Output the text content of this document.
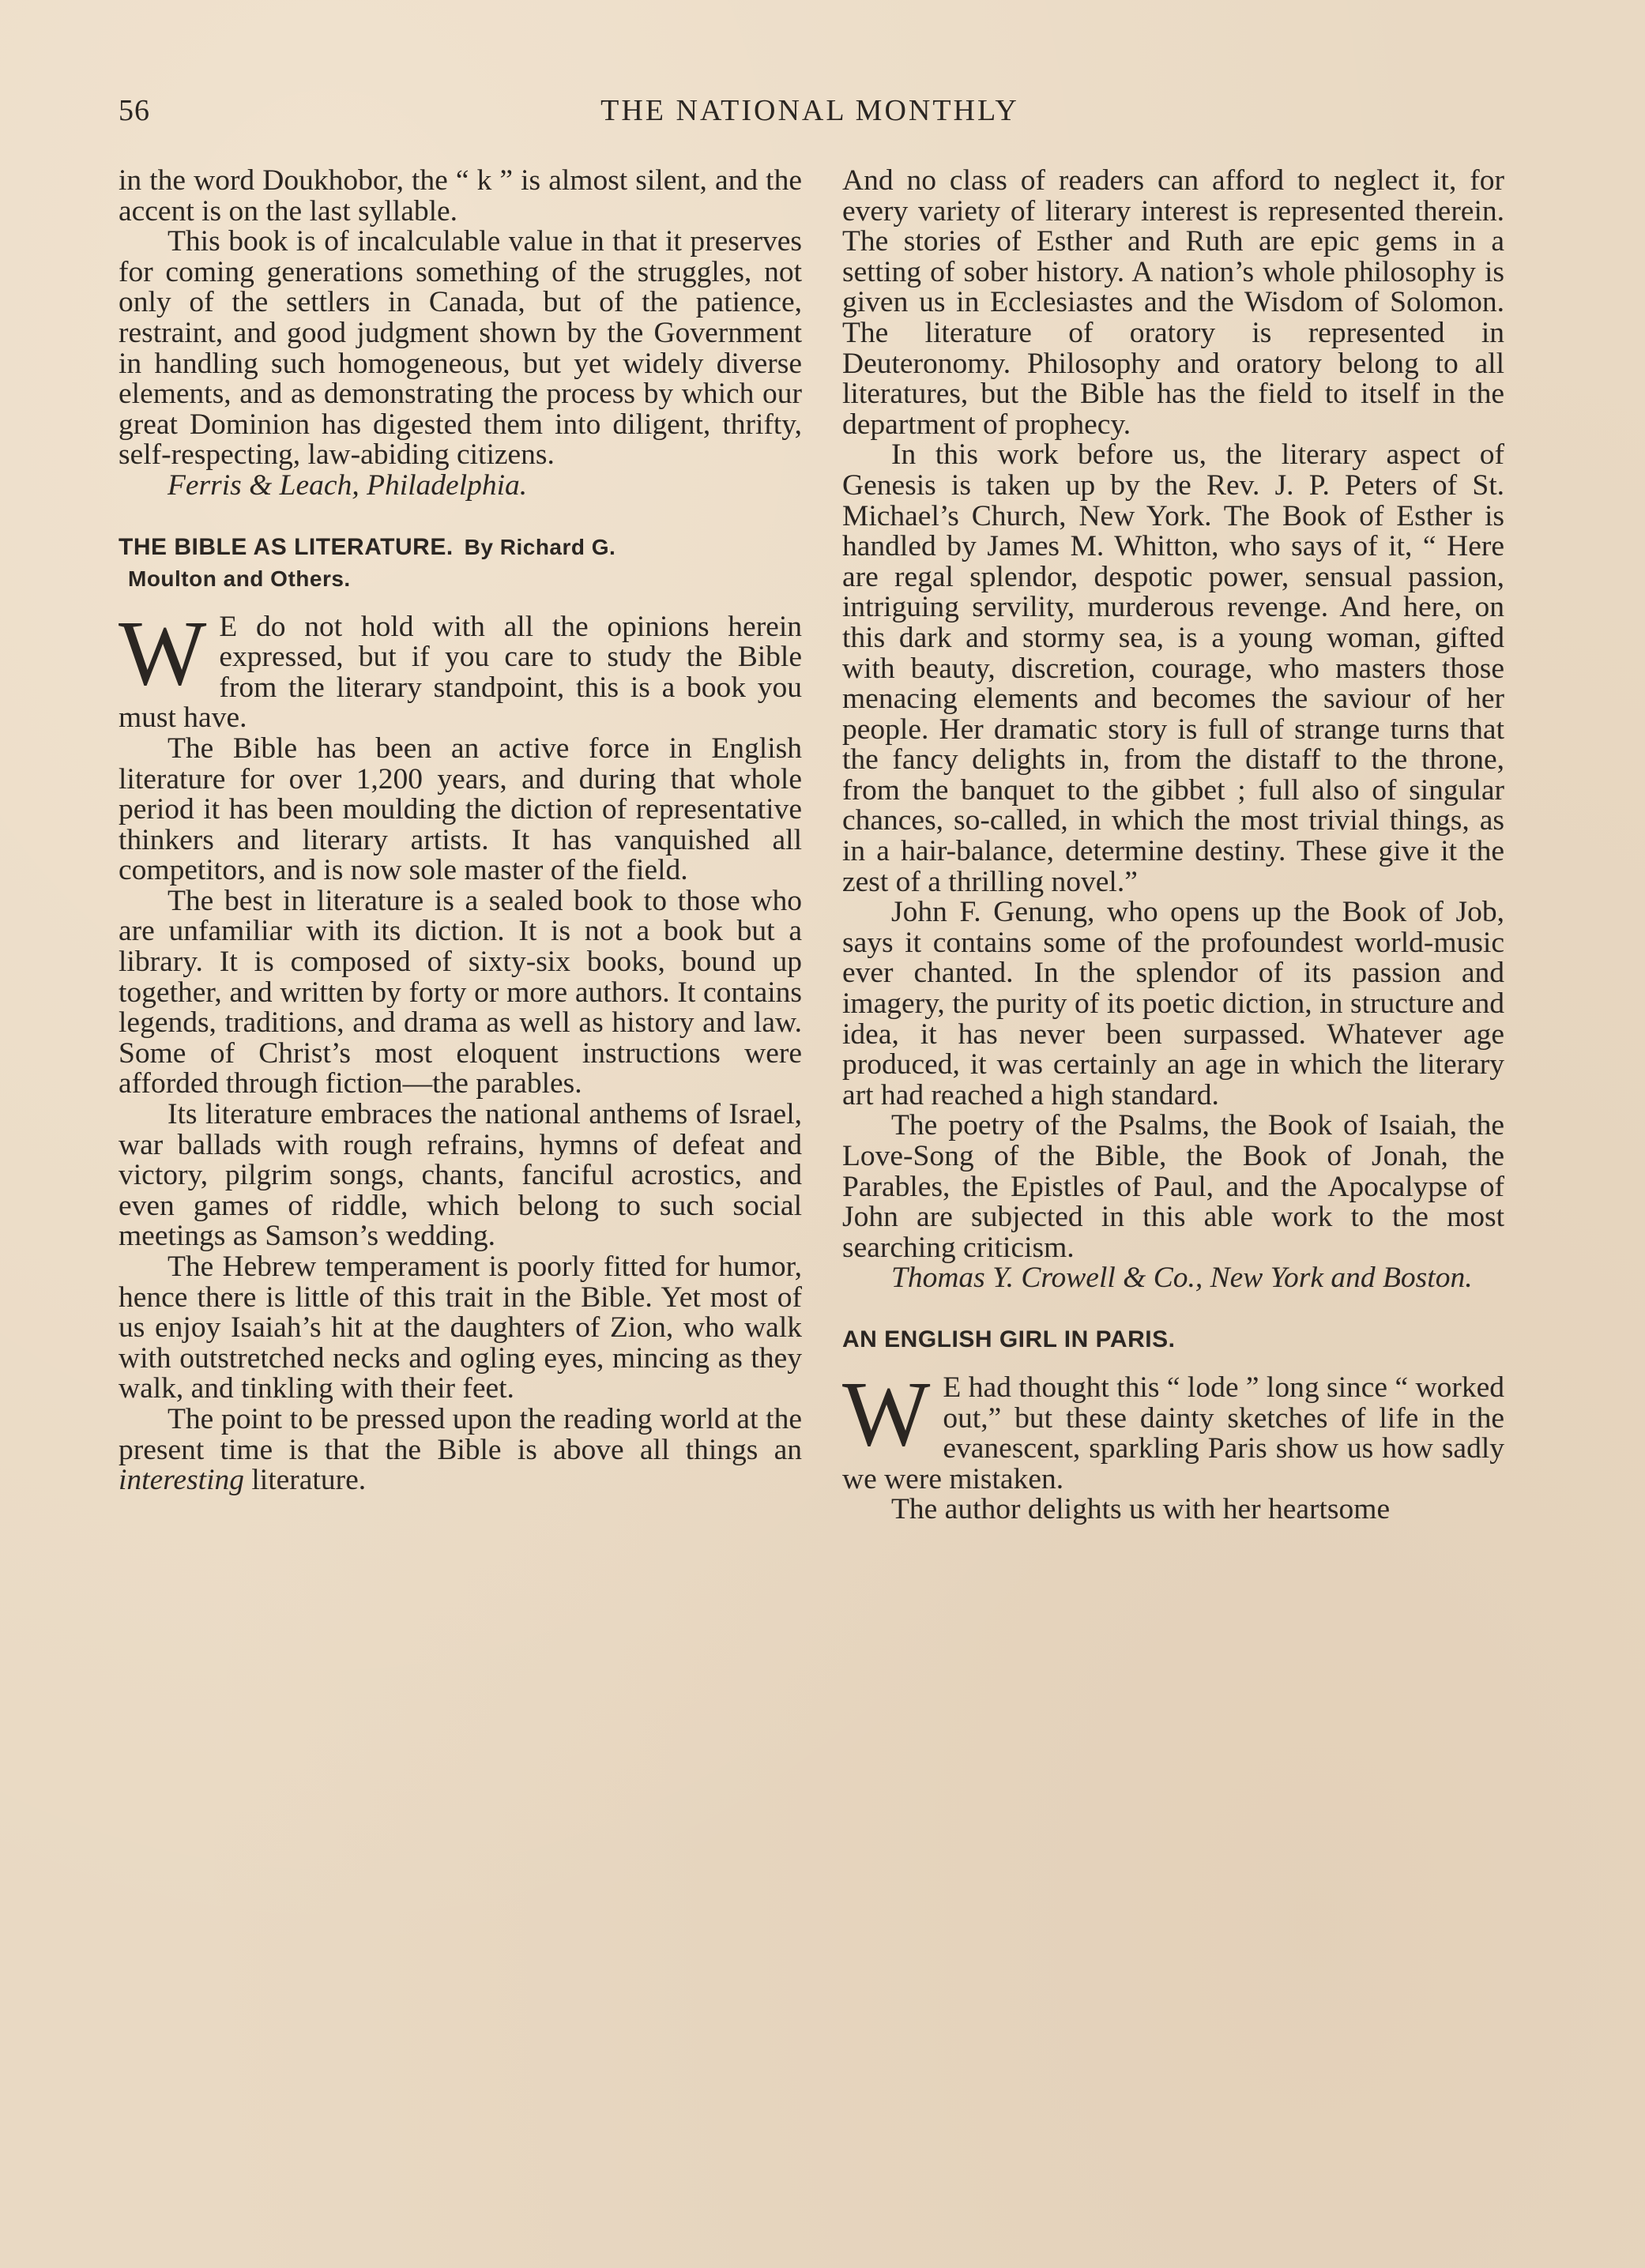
56	THE NATIONAL MONTHLY

in the word Doukhobor, the “ k ” is almost silent, and the accent is on the last syllable.

This book is of incalculable value in that it preserves for coming generations something of the struggles, not only of the settlers in Canada, but of the patience, restraint, and good judgment shown by the Government in handling such homogeneous, but yet widely diverse elements, and as demonstrating the process by which our great Dominion has digested them into diligent, thrifty, self-respecting, law-abiding citizens.

Ferris & Leach, Philadelphia.

THE BIBLE AS LITERATURE. By Richard G.
Moulton and Others.

W E do not hold with all the opinions herein expressed, but if you care to study the Bible from the literary standpoint, this is a book you must have.

The Bible has been an active force in English literature for over 1,200 years, and during that whole period it has been moulding the diction of representative thinkers and literary artists. It has vanquished all competitors, and is now sole master of the field.

The best in literature is a sealed book to those who are unfamiliar with its diction. It is not a book but a library. It is composed of sixty-six books, bound up together, and written by forty or more authors. It contains legends, traditions, and drama as well as history and law. Some of Christ’s most eloquent instructions were afforded through fiction—the parables.

Its literature embraces the national anthems of Israel, war ballads with rough refrains, hymns of defeat and victory, pilgrim songs, chants, fanciful acrostics, and even games of riddle, which belong to such social meetings as Samson’s wedding.

The Hebrew temperament is poorly fitted for humor, hence there is little of this trait in the Bible. Yet most of us enjoy Isaiah’s hit at the daughters of Zion, who walk with outstretched necks and ogling eyes, mincing as they walk, and tinkling with their feet.

The point to be pressed upon the reading world at the present time is that the Bible is above all things an interesting literature.

And no class of readers can afford to neglect it, for every variety of literary interest is represented therein. The stories of Esther and Ruth are epic gems in a setting of sober history. A nation’s whole philosophy is given us in Ecclesiastes and the Wisdom of Solomon. The literature of oratory is represented in Deuteronomy. Philosophy and oratory belong to all literatures, but the Bible has the field to itself in the department of prophecy.

In this work before us, the literary aspect of Genesis is taken up by the Rev. J. P. Peters of St. Michael’s Church, New York. The Book of Esther is handled by James M. Whitton, who says of it, “ Here are regal splendor, despotic power, sensual passion, intriguing servility, murderous revenge. And here, on this dark and stormy sea, is a young woman, gifted with beauty, discretion, courage, who masters those menacing elements and becomes the saviour of her people. Her dramatic story is full of strange turns that the fancy delights in, from the distaff to the throne, from the banquet to the gibbet ; full also of singular chances, so-called, in which the most trivial things, as in a hair-balance, determine destiny. These give it the zest of a thrilling novel.”

John F. Genung, who opens up the Book of Job, says it contains some of the profoundest world-music ever chanted. In the splendor of its passion and imagery, the purity of its poetic diction, in structure and idea, it has never been surpassed. Whatever age produced, it was certainly an age in which the literary art had reached a high standard.

The poetry of the Psalms, the Book of Isaiah, the Love-Song of the Bible, the Book of Jonah, the Parables, the Epistles of Paul, and the Apocalypse of John are subjected in this able work to the most searching criticism.

Thomas Y. Crowell & Co., New York and Boston.

AN ENGLISH GIRL IN PARIS.

W E had thought this “ lode ” long since “ worked out,” but these dainty sketches of life in the evanescent, sparkling Paris show us how sadly we were mistaken.

The author delights us with her heartsome
